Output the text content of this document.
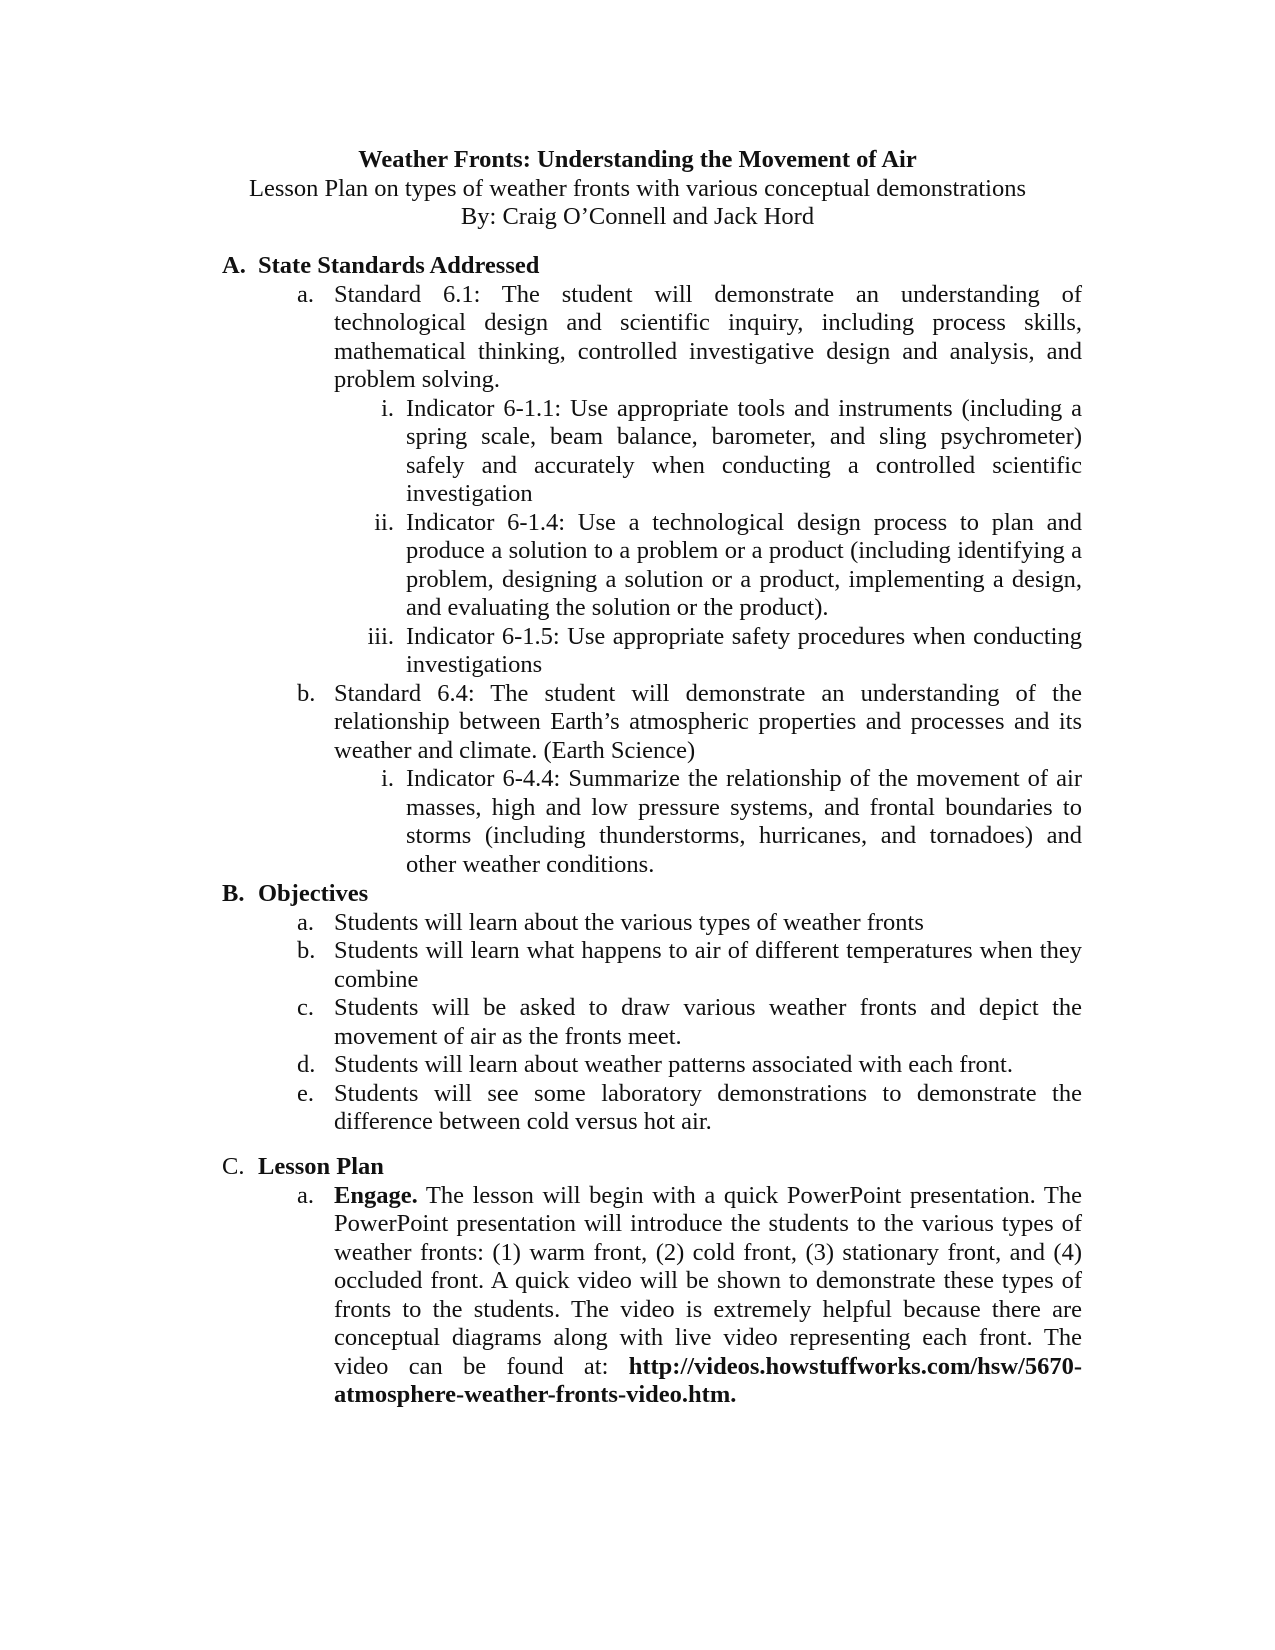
Weather Fronts: Understanding the Movement of Air
Lesson Plan on types of weather fronts with various conceptual demonstrations
By: Craig O’Connell and Jack Hord
A. State Standards Addressed
a. Standard 6.1: The student will demonstrate an understanding of technological design and scientific inquiry, including process skills, mathematical thinking, controlled investigative design and analysis, and problem solving.
i. Indicator 6-1.1: Use appropriate tools and instruments (including a spring scale, beam balance, barometer, and sling psychrometer) safely and accurately when conducting a controlled scientific investigation
ii. Indicator 6-1.4: Use a technological design process to plan and produce a solution to a problem or a product (including identifying a problem, designing a solution or a product, implementing a design, and evaluating the solution or the product).
iii. Indicator 6-1.5: Use appropriate safety procedures when conducting investigations
b. Standard 6.4: The student will demonstrate an understanding of the relationship between Earth’s atmospheric properties and processes and its weather and climate. (Earth Science)
i. Indicator 6-4.4: Summarize the relationship of the movement of air masses, high and low pressure systems, and frontal boundaries to storms (including thunderstorms, hurricanes, and tornadoes) and other weather conditions.
B. Objectives
a. Students will learn about the various types of weather fronts
b. Students will learn what happens to air of different temperatures when they combine
c. Students will be asked to draw various weather fronts and depict the movement of air as the fronts meet.
d. Students will learn about weather patterns associated with each front.
e. Students will see some laboratory demonstrations to demonstrate the difference between cold versus hot air.
C. Lesson Plan
a. Engage. The lesson will begin with a quick PowerPoint presentation. The PowerPoint presentation will introduce the students to the various types of weather fronts: (1) warm front, (2) cold front, (3) stationary front, and (4) occluded front. A quick video will be shown to demonstrate these types of fronts to the students. The video is extremely helpful because there are conceptual diagrams along with live video representing each front. The video can be found at: http://videos.howstuffworks.com/hsw/5670-atmosphere-weather-fronts-video.htm.
